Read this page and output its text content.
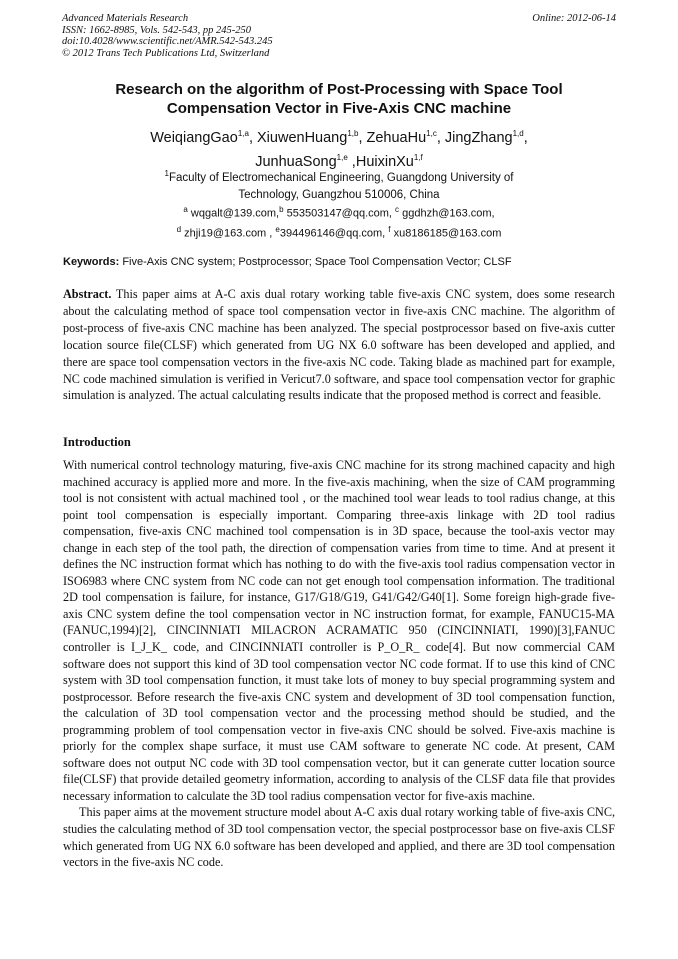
Advanced Materials Research
ISSN: 1662-8985, Vols. 542-543, pp 245-250
doi:10.4028/www.scientific.net/AMR.542-543.245
© 2012 Trans Tech Publications Ltd, Switzerland
Online: 2012-06-14
Research on the algorithm of Post-Processing with Space Tool Compensation Vector in Five-Axis CNC machine
WeiqiangGao$^{1,a}$, XiuwenHuang$^{1,b}$, ZehuaHu$^{1,c}$, JingZhang$^{1,d}$,
JunhuaSong$^{1,e}$ ,HuixinXu$^{1,f}$
$^1$Faculty of Electromechanical Engineering, Guangdong University of
Technology, Guangzhou 510006, China
$^a$ wqgalt@139.com,$^b$ 553503147@qq.com, $^c$ ggdhzh@163.com,
$^d$ zhji19@163.com , $^e$394496146@qq.com, $^f$ xu8186185@163.com
Keywords: Five-Axis CNC system; Postprocessor; Space Tool Compensation Vector; CLSF
Abstract. This paper aims at A-C axis dual rotary working table five-axis CNC system, does some research about the calculating method of space tool compensation vector in five-axis CNC machine. The algorithm of post-process of five-axis CNC machine has been analyzed. The special postprocessor based on five-axis cutter location source file(CLSF) which generated from UG NX 6.0 software has been developed and applied, and there are space tool compensation vectors in the five-axis NC code. Taking blade as machined part for example, NC code machined simulation is verified in Vericut7.0 software, and space tool compensation vector for graphic simulation is analyzed. The actual calculating results indicate that the proposed method is correct and feasible.
Introduction

With numerical control technology maturing, five-axis CNC machine for its strong machined capacity and high machined accuracy is applied more and more. In the five-axis machining, when the size of CAM programming tool is not consistent with actual machined tool , or the machined tool wear leads to tool radius change, at this point tool compensation is especially important. Comparing three-axis linkage with 2D tool radius compensation, five-axis CNC machined tool compensation is in 3D space, because the tool-axis vector may change in each step of the tool path, the direction of compensation varies from time to time. And at present it defines the NC instruction format which has nothing to do with the five-axis tool radius compensation vector in ISO6983 where CNC system from NC code can not get enough tool compensation information. The traditional 2D tool compensation is failure, for instance, G17/G18/G19, G41/G42/G40[1]. Some foreign high-grade five-axis CNC system define the tool compensation vector in NC instruction format, for example, FANUC15-MA (FANUC,1994)[2], CINCINNIATI MILACRON ACRAMATIC 950 (CINCINNIATI, 1990)[3],FANUC controller is I_J_K_ code, and CINCINNIATI controller is P_O_R_ code[4]. But now commercial CAM software does not support this kind of 3D tool compensation vector NC code format. If to use this kind of CNC system with 3D tool compensation function, it must take lots of money to buy special programming system and postprocessor. Before research the five-axis CNC system and development of 3D tool compensation function, the calculation of 3D tool compensation vector and the processing method should be studied, and the programming problem of tool compensation vector in five-axis CNC should be solved. Five-axis machine is priorly for the complex shape surface, it must use CAM software to generate NC code. At present, CAM software does not output NC code with 3D tool compensation vector, but it can generate cutter location source file(CLSF) that provide detailed geometry information, according to analysis of the CLSF data file that provides necessary information to calculate the 3D tool radius compensation vector for five-axis machine.

This paper aims at the movement structure model about A-C axis dual rotary working table of five-axis CNC, studies the calculating method of 3D tool compensation vector, the special postprocessor base on five-axis CLSF which generated from UG NX 6.0 software has been developed and applied, and there are 3D tool compensation vectors in the five-axis NC code.
